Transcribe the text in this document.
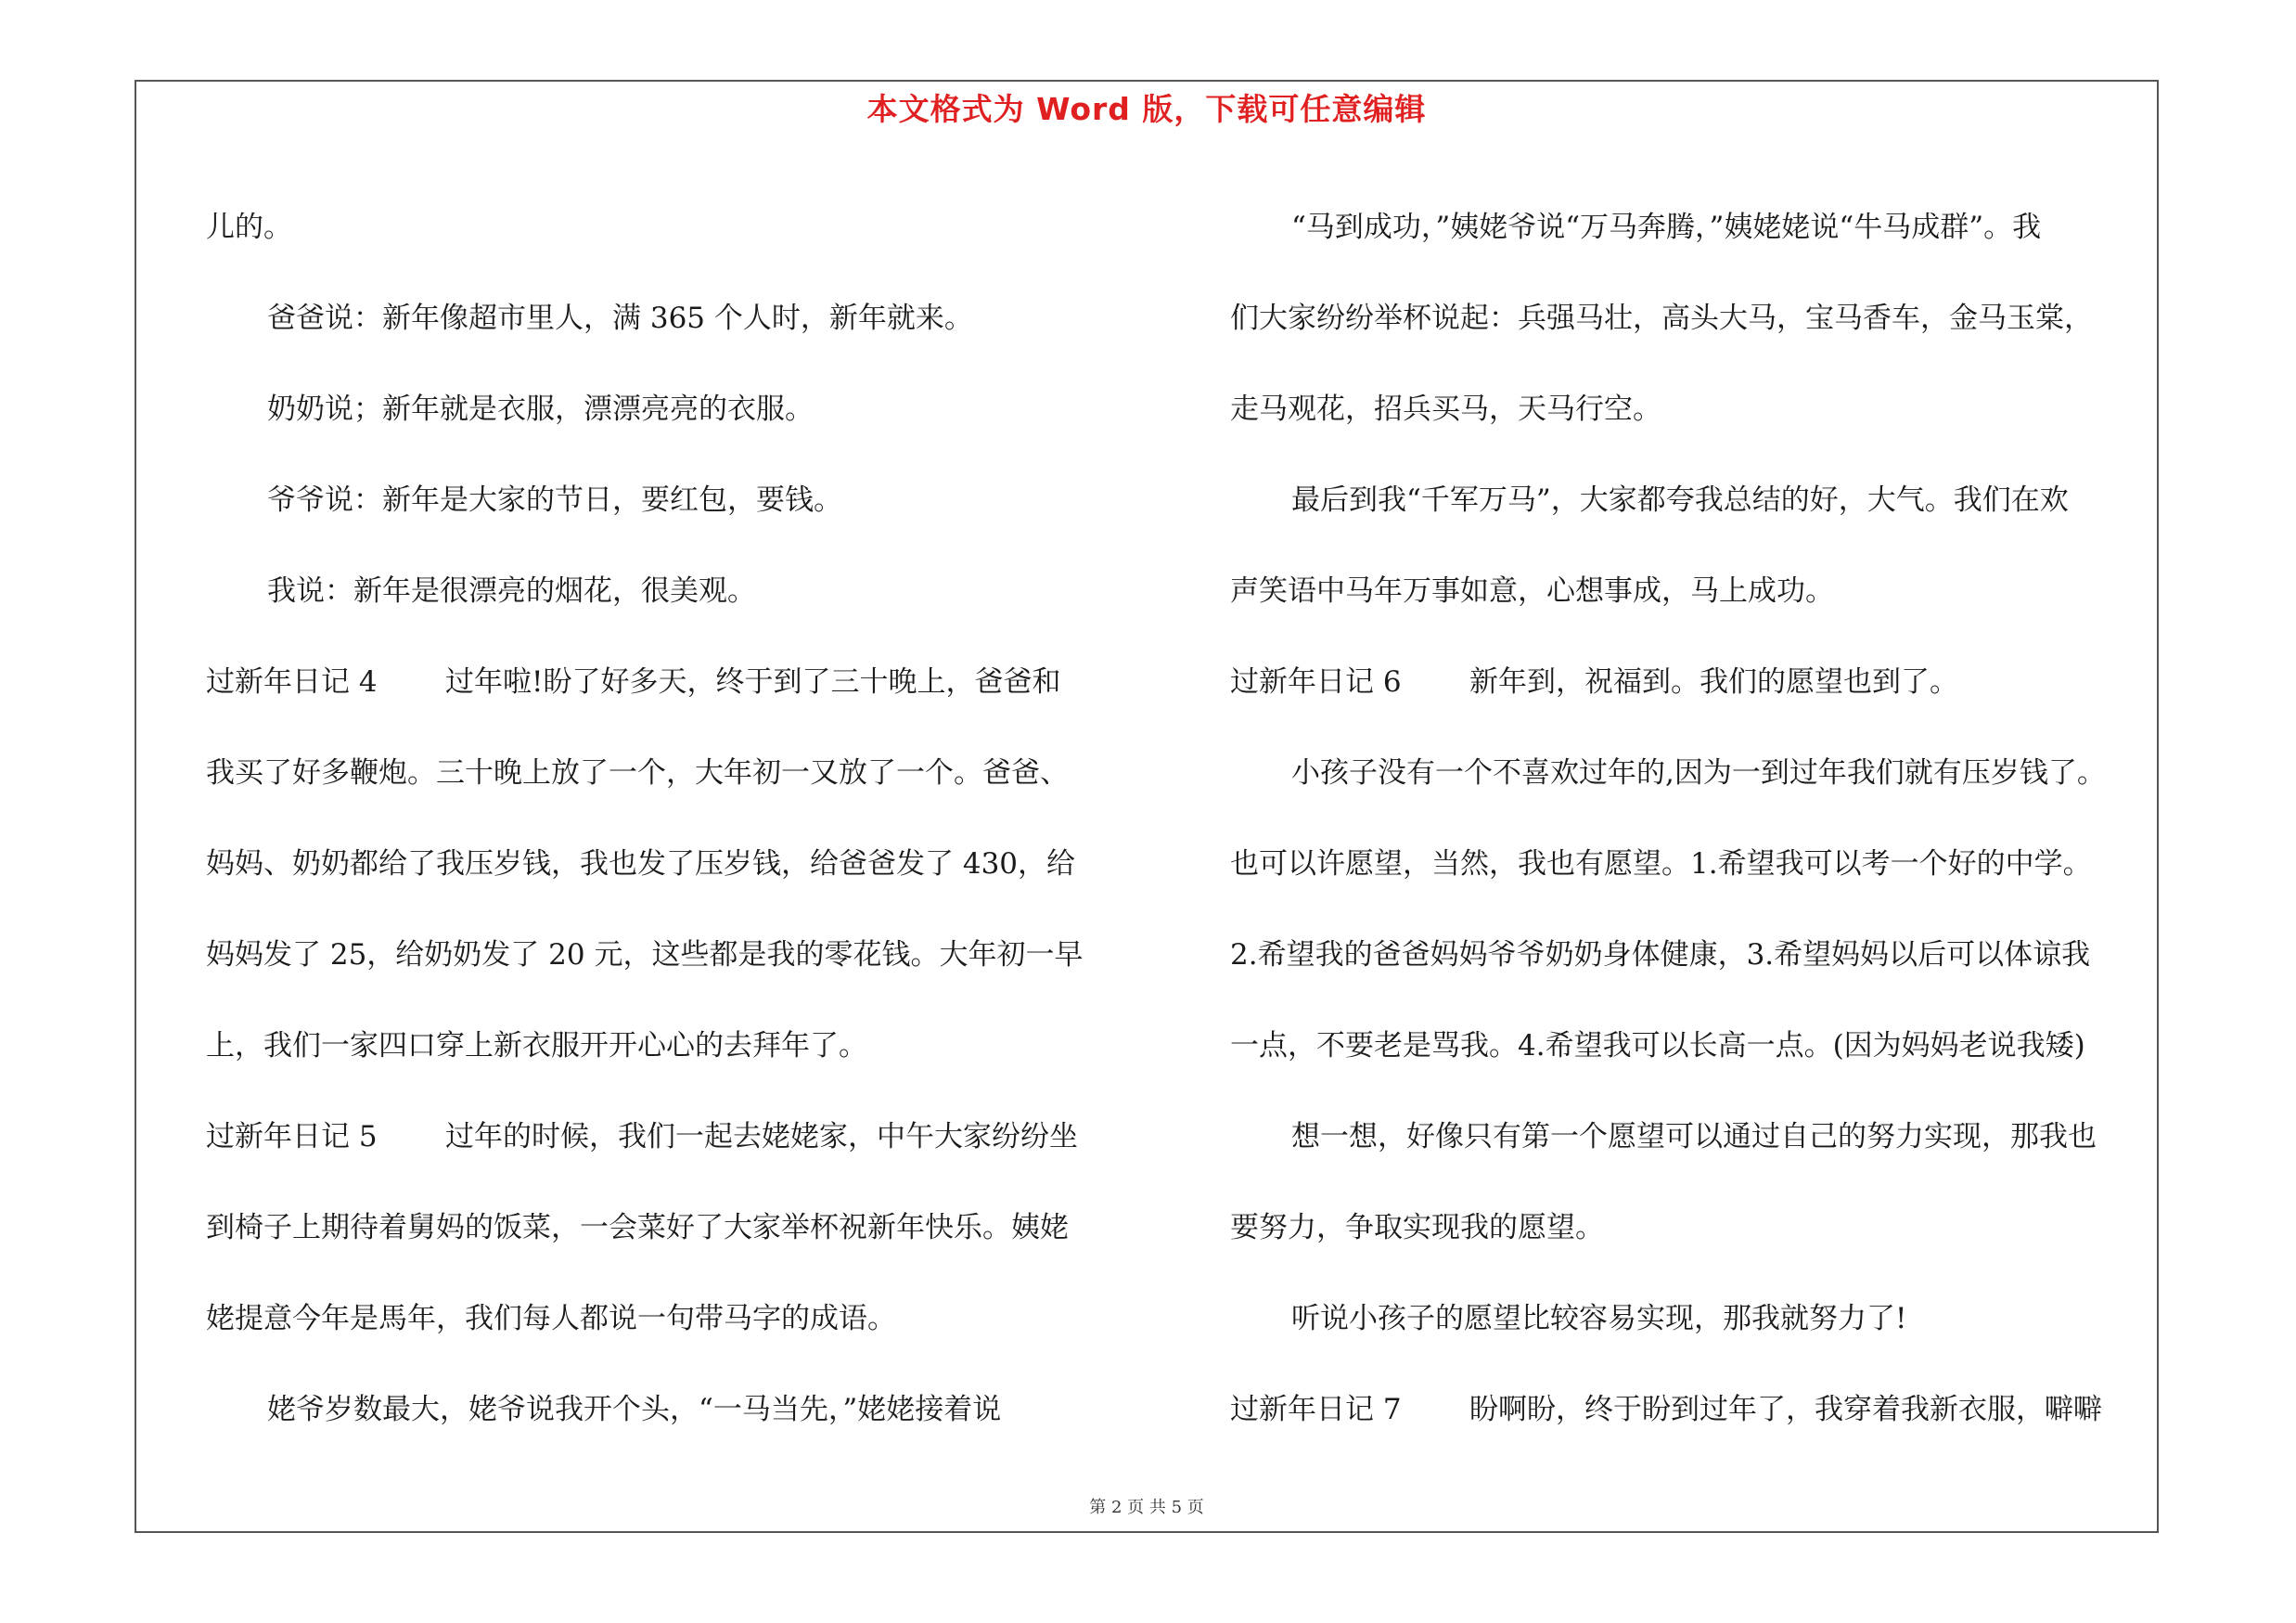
本文格式为 Word 版，下载可任意编辑
儿的。
爸爸说：新年像超市里人，满 365 个人时，新年就来。
奶奶说；新年就是衣服，漂漂亮亮的衣服。
爷爷说：新年是大家的节日，要红包，要钱。
我说：新年是很漂亮的烟花，很美观。
过新年日记 4 过年啦!盼了好多天，终于到了三十晚上，爸爸和
我买了好多鞭炮。三十晚上放了一个，大年初一又放了一个。爸爸、
妈妈、奶奶都给了我压岁钱，我也发了压岁钱，给爸爸发了 430，给
妈妈发了 25，给奶奶发了 20 元，这些都是我的零花钱。大年初一早
上，我们一家四口穿上新衣服开开心心的去拜年了。
过新年日记 5 过年的时候，我们一起去姥姥家，中午大家纷纷坐
到椅子上期待着舅妈的饭菜，一会菜好了大家举杯祝新年快乐。姨姥
姥提意今年是馬年，我们每人都说一句带马字的成语。
姥爷岁数最大，姥爷说我开个头，“一马当先，”姥姥接着说
“马到成功，”姨姥爷说“万马奔腾，”姨姥姥说“牛马成群”。我
们大家纷纷举杯说起：兵强马壮，高头大马，宝马香车，金马玉棠，
走马观花，招兵买马，天马行空。
最后到我“千军万马”，大家都夸我总结的好，大气。我们在欢
声笑语中马年万事如意，心想事成，马上成功。
过新年日记 6 新年到，祝福到。我们的愿望也到了。
小孩子没有一个不喜欢过年的,因为一到过年我们就有压岁钱了。
也可以许愿望，当然，我也有愿望。1.希望我可以考一个好的中学。
2.希望我的爸爸妈妈爷爷奶奶身体健康，3.希望妈妈以后可以体谅我
一点，不要老是骂我。4.希望我可以长高一点。(因为妈妈老说我矮)
想一想，好像只有第一个愿望可以通过自己的努力实现，那我也
要努力，争取实现我的愿望。
听说小孩子的愿望比较容易实现，那我就努力了!
过新年日记 7 盼啊盼，终于盼到过年了，我穿着我新衣服，噼噼
第 2 页 共 5 页
